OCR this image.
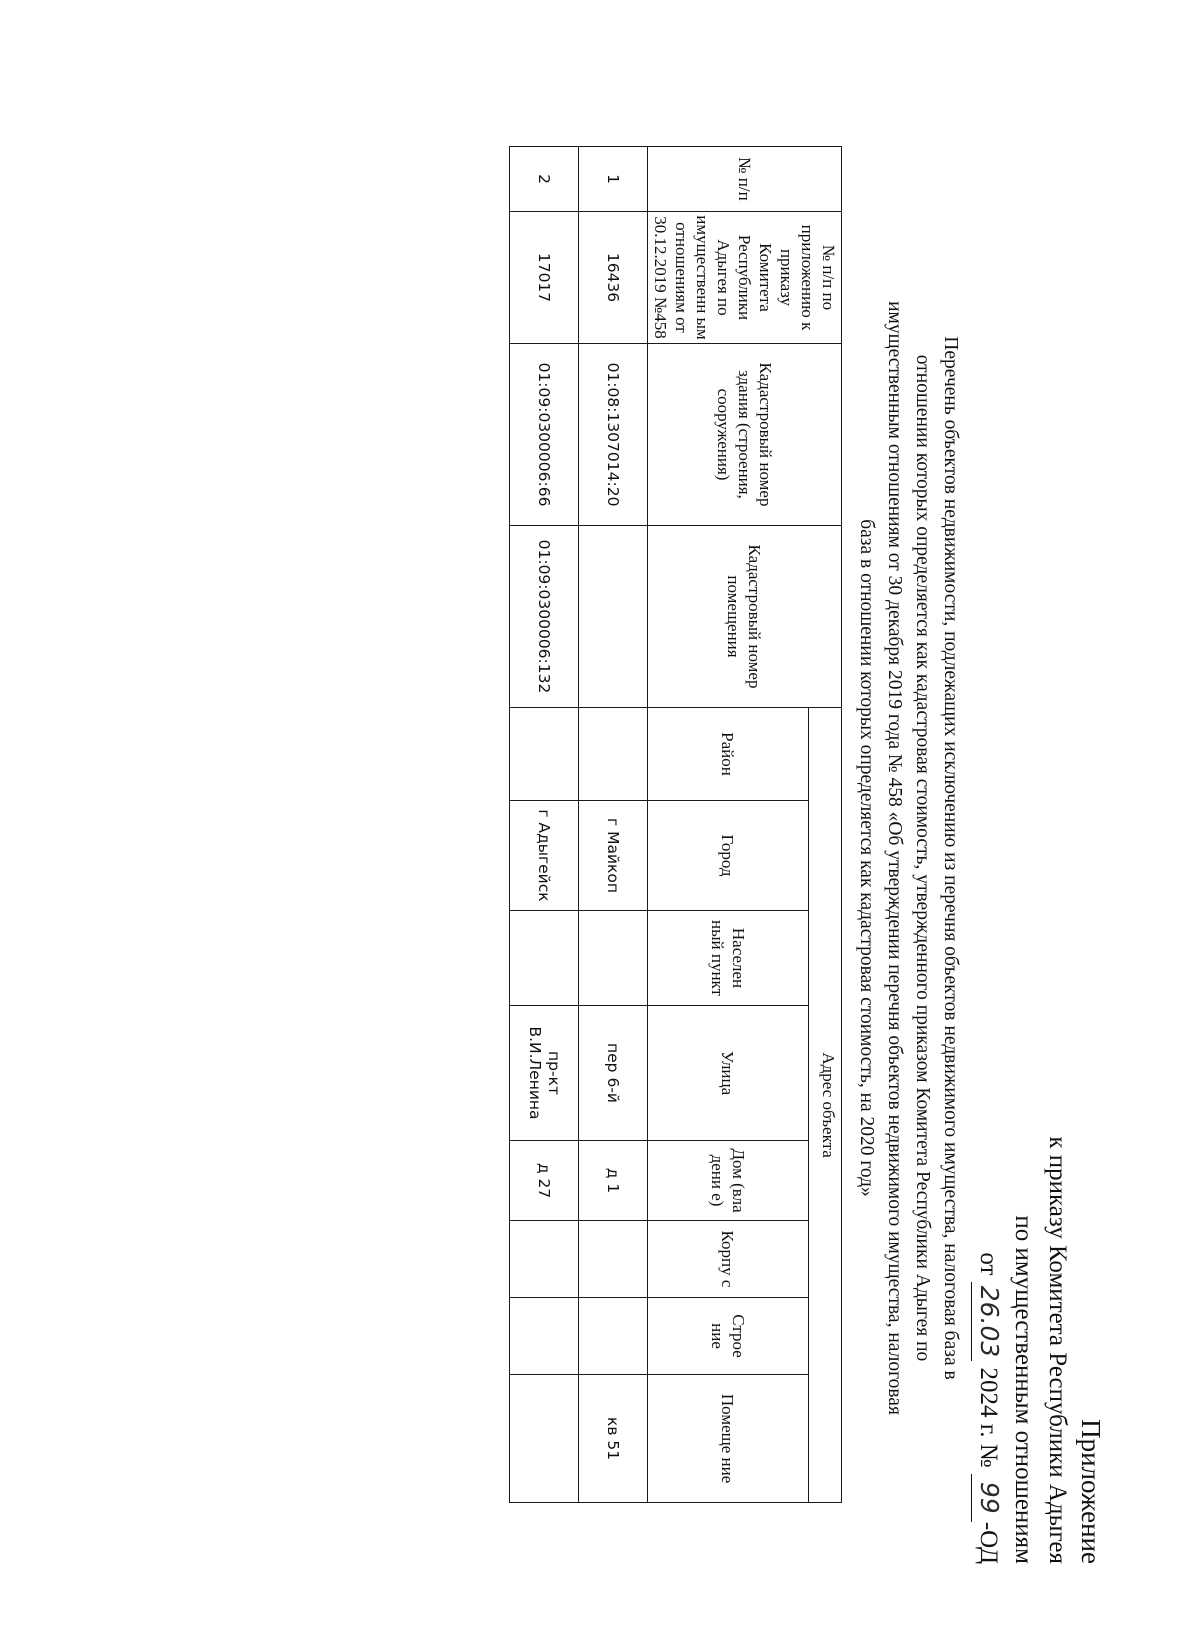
Приложение
к приказу Комитета Республики Адыгея
по имущественным отношениям
от 26.03 2024 г. № 99-ОД
Перечень объектов недвижимости, подлежащих исключению из перечня объектов недвижимого имущества, налоговая база в
отношении которых определяется как кадастровая стоимость, утвержденного приказом Комитета Республики Адыгея по
имущественным отношениям от 30 декабря 2019 года № 458 «Об утверждении перечня объектов недвижимого имущества, налоговая
база в отношении которых определяется как кадастровая стоимость, на 2020 год»
№ п/п	№ п/п по приложению к приказу Комитета Республики Адыгея по имущественн ым отношениям от 30.12.2019 №458	Кадастровый номер здания (строения, сооружения)	Кадастровый номер помещения	Адрес объекта							
				Район	Город	Населен ный пункт	Улица	Дом (вла дени е)	Корпу с	Строе ние	Помеще ние
1	16436	01:08:1307014:20			г Майкоп		пер 6-й	д 1			кв 51
2	17017	01:09:0300006:66	01:09:0300006:132		г Адыгейск		пр-кт В.И.Ленина	д 27			
